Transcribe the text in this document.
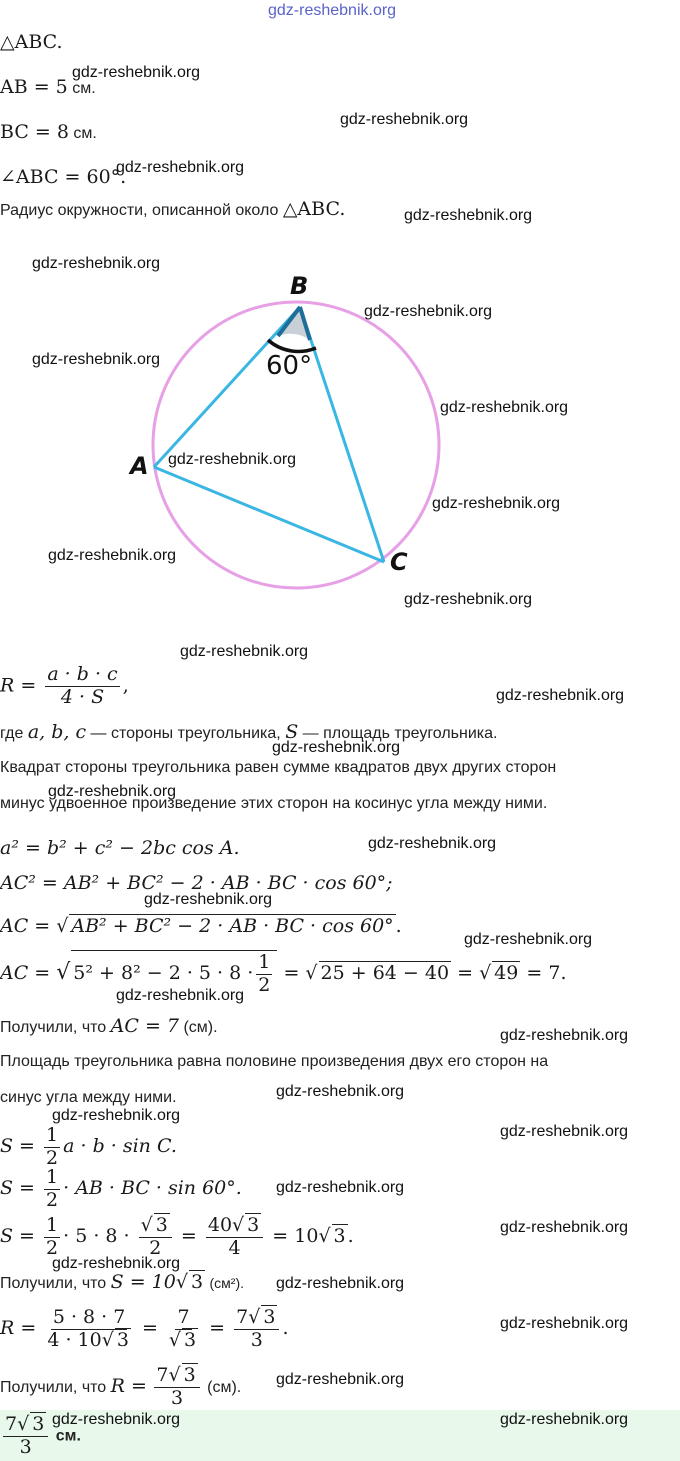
gdz-reshebnik.org
△ABC.
AB = 5 см.
BC = 8 см.
∠ABC = 60°.
Радиус окружности, описанной около △ABC.
B
A
C
60°
$R = \frac{a \cdot b \cdot c}{4 \cdot S}$ ,
где a, b, c — стороны треугольника, S — площадь треугольника.
Квадрат стороны треугольника равен сумме квадратов двух других сторон
минус удвоенное произведение этих сторон на косинус угла между ними.
a² = b² + c² − 2bc cos A.
AC² = AB² + BC² − 2 · AB · BC · cos 60°;
AC = √ AB² + BC² − 2 · AB · BC · cos 60° .
AC = √ $5^2 + 8^2 - 2 \cdot 5 \cdot 8 \cdot \frac{1}{2}$ = √ 25 + 64 − 40 = √ 49 = 7.
Получили, что AC = 7 (см).
Площадь треугольника равна половине произведения двух его сторон на
синус угла между ними.
$S = \frac{1}{2}$ a · b · sin C.
$S = \frac{1}{2}$ · AB · BC · sin 60°.
$S = \frac{1}{2} \cdot 5 \cdot 8 \cdot \frac{√ 3}{2} = \frac{40√ 3}{4} = 10√$ 3 .
Получили, что S = 10√ 3 (см²).
$R = \frac{5 \cdot 8 \cdot 7}{4 \cdot 10√ 3} = \frac{7}{√ 3} = \frac{7√ 3}{3}$ .
Получили, что $R = \frac{7√ 3}{3} (см)$.
$\frac{7√ 3}{3}$ см.
gdz-reshebnik.org
gdz-reshebnik.org
gdz-reshebnik.org
gdz-reshebnik.org
gdz-reshebnik.org
gdz-reshebnik.org
gdz-reshebnik.org
gdz-reshebnik.org
gdz-reshebnik.org
gdz-reshebnik.org
gdz-reshebnik.org
gdz-reshebnik.org
gdz-reshebnik.org
gdz-reshebnik.org
gdz-reshebnik.org
gdz-reshebnik.org
gdz-reshebnik.org
gdz-reshebnik.org
gdz-reshebnik.org
gdz-reshebnik.org
gdz-reshebnik.org
gdz-reshebnik.org
gdz-reshebnik.org
gdz-reshebnik.org
gdz-reshebnik.org
gdz-reshebnik.org
gdz-reshebnik.org
gdz-reshebnik.org
gdz-reshebnik.org
gdz-reshebnik.org
gdz-reshebnik.org	gdz-reshebnik.org
